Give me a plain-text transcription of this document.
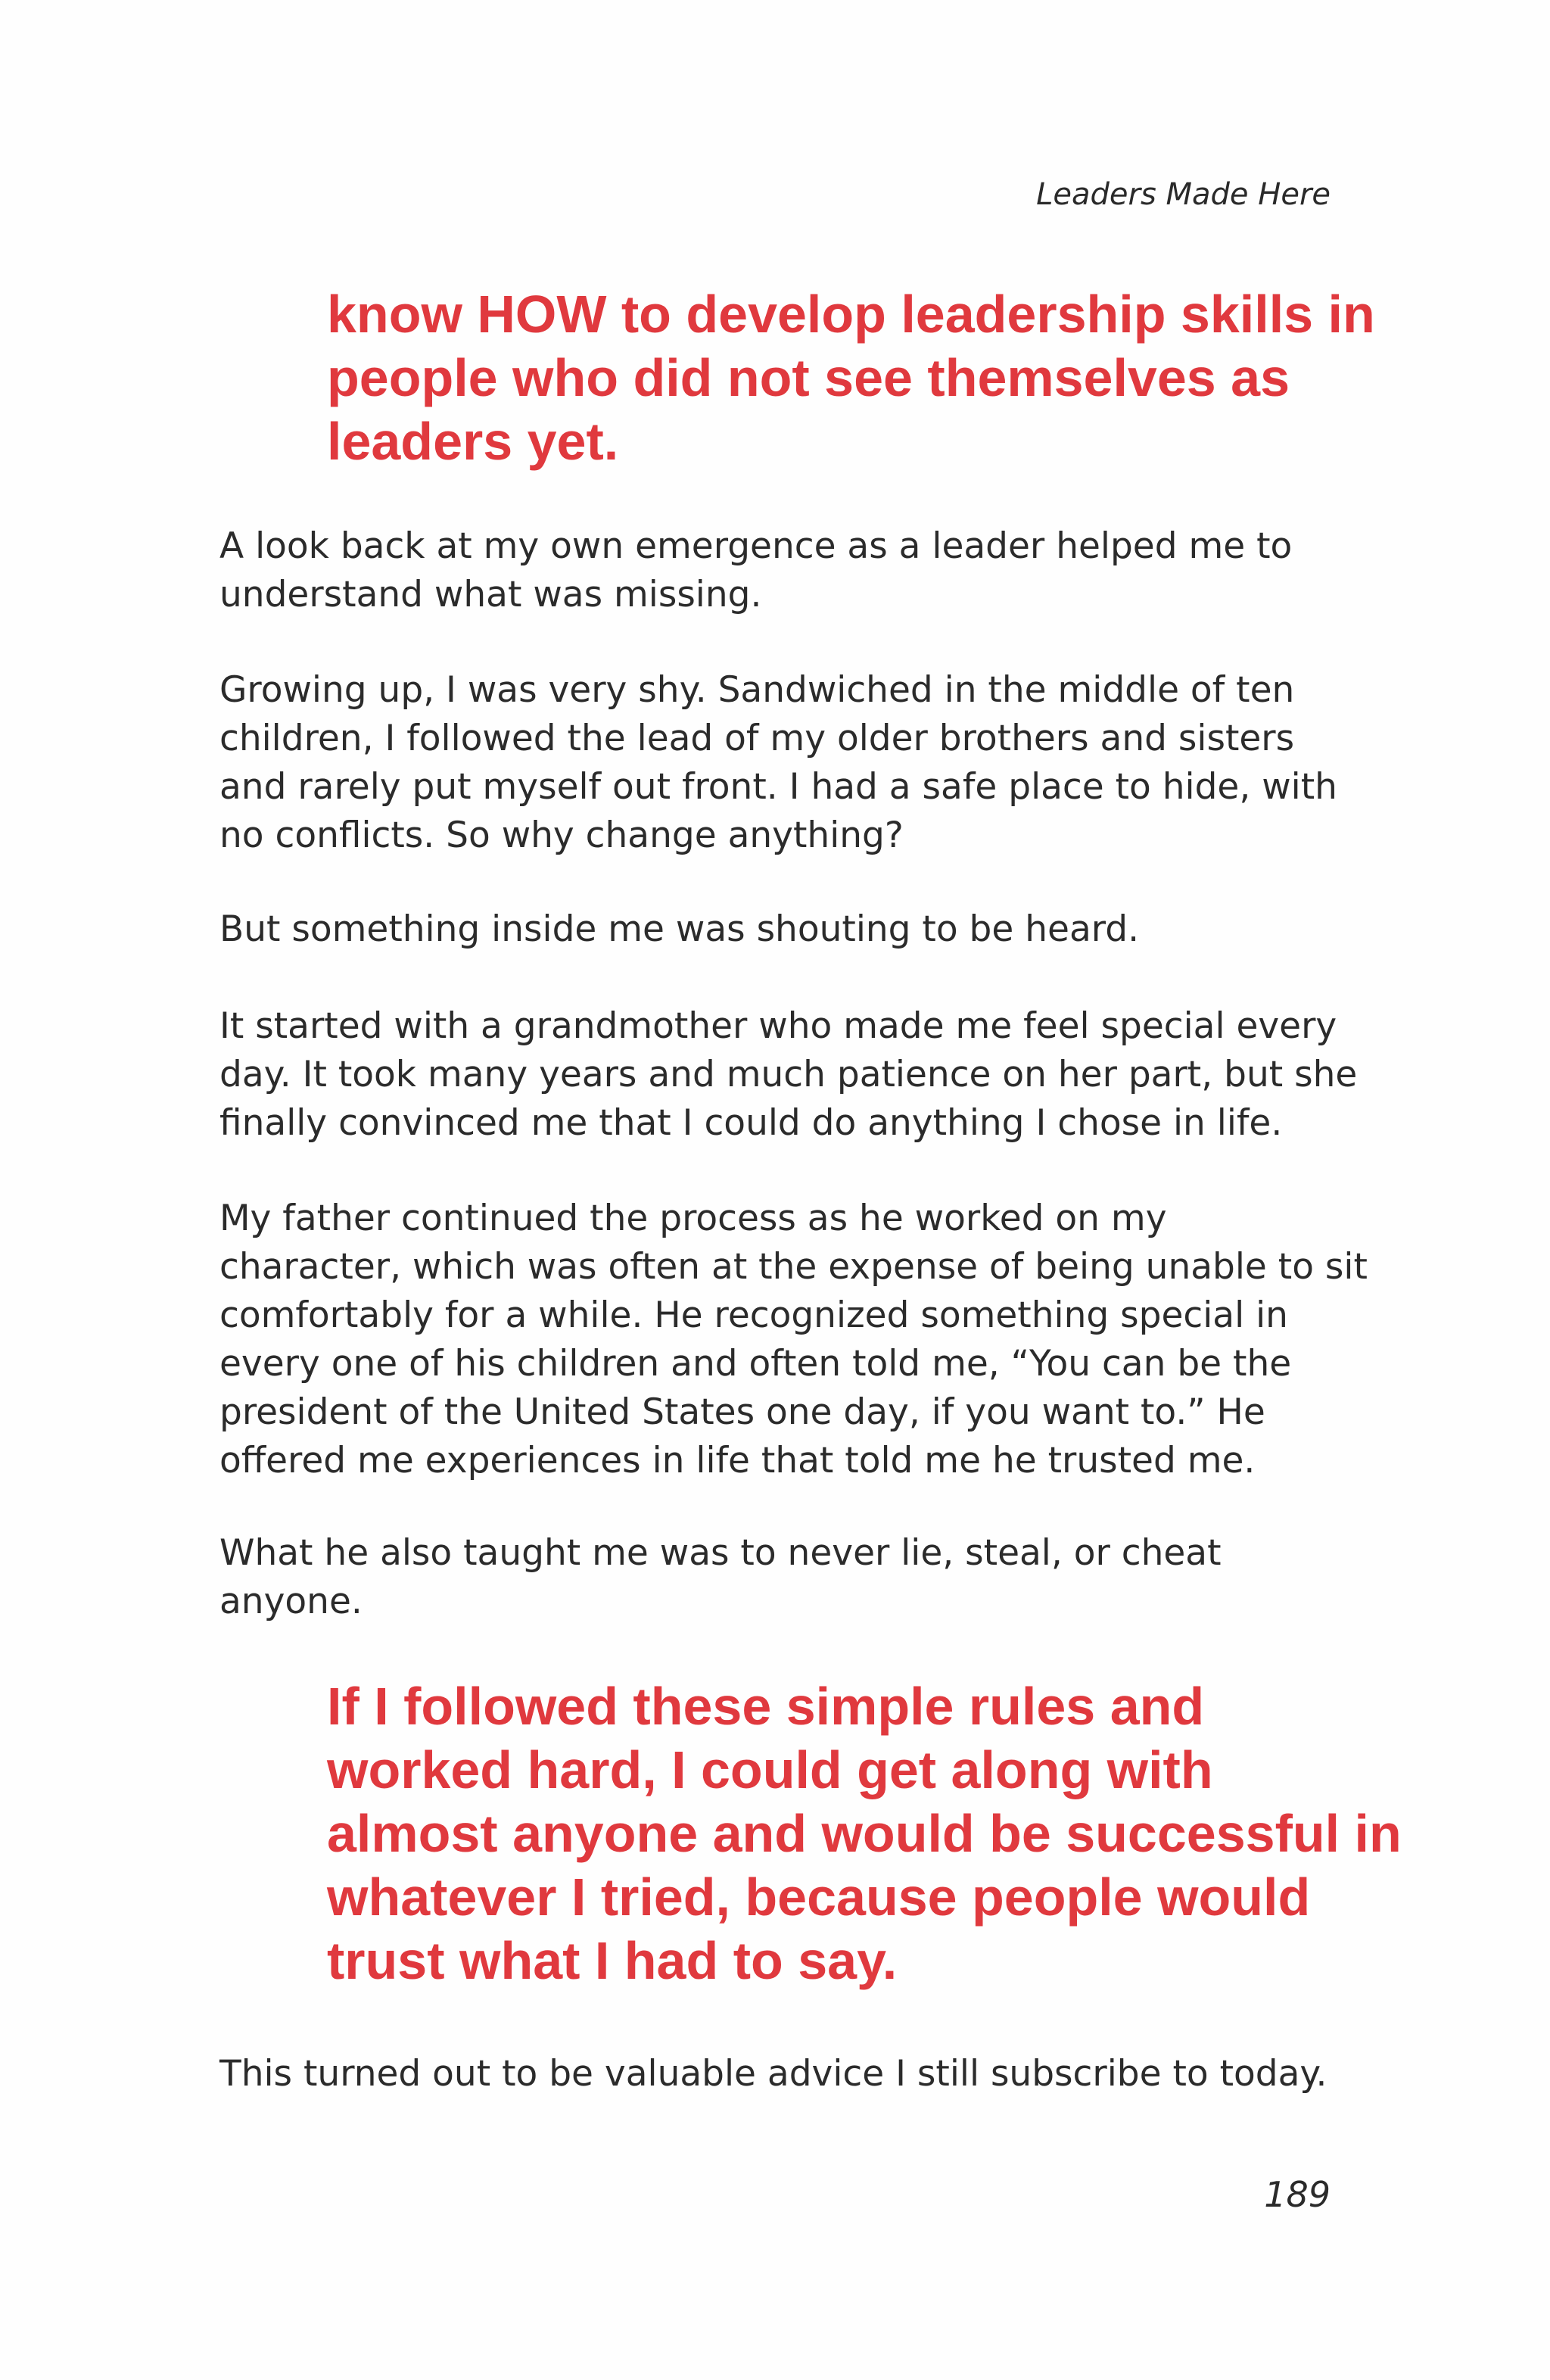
Leaders Made Here

know HOW to develop leadership skills in
people who did not see themselves as
leaders yet.

A look back at my own emergence as a leader helped me to
understand what was missing.

Growing up, I was very shy. Sandwiched in the middle of ten
children, I followed the lead of my older brothers and sisters
and rarely put myself out front. I had a safe place to hide, with
no conflicts. So why change anything?

But something inside me was shouting to be heard.

It started with a grandmother who made me feel special every
day. It took many years and much patience on her part, but she
finally convinced me that I could do anything I chose in life.

My father continued the process as he worked on my
character, which was often at the expense of being unable to sit
comfortably for a while. He recognized something special in
every one of his children and often told me, “You can be the
president of the United States one day, if you want to.” He
offered me experiences in life that told me he trusted me.

What he also taught me was to never lie, steal, or cheat
anyone.

If I followed these simple rules and
worked hard, I could get along with
almost anyone and would be successful in
whatever I tried, because people would
trust what I had to say.

This turned out to be valuable advice I still subscribe to today.

189
